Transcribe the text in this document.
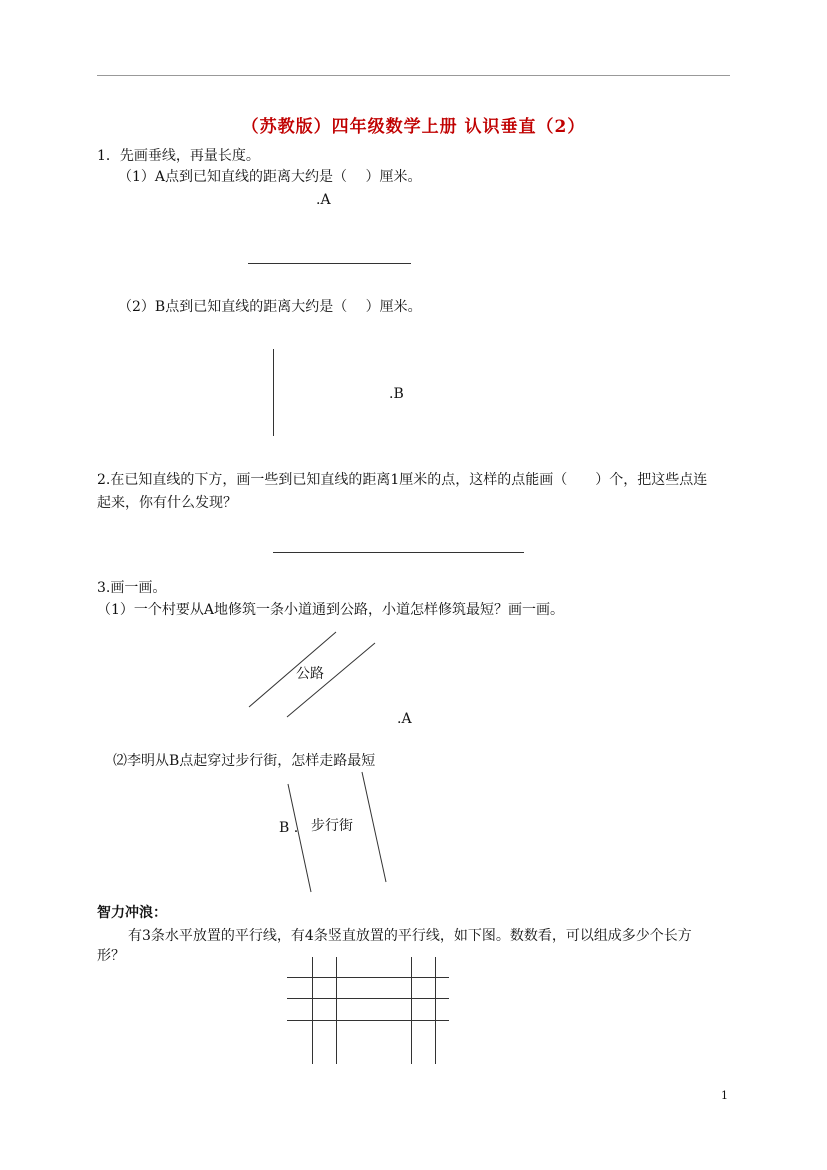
（苏教版）四年级数学上册 认识垂直（2）
1．先画垂线，再量长度。
（1）A点到已知直线的距离大约是（　 ）厘米。
.A
（2）B点到已知直线的距离大约是（　 ）厘米。
.B
2.在已知直线的下方，画一些到已知直线的距离1厘米的点，这样的点能画（　　）个，把这些点连
起来，你有什么发现？
3.画一画。
（1）一个村要从A地修筑一条小道通到公路，小道怎样修筑最短？画一画。
公路
.A
⑵李明从B点起穿过步行街，怎样走路最短
B . 步行街
智力冲浪：
有3条水平放置的平行线，有4条竖直放置的平行线，如下图。数数看，可以组成多少个长方
形？
1
